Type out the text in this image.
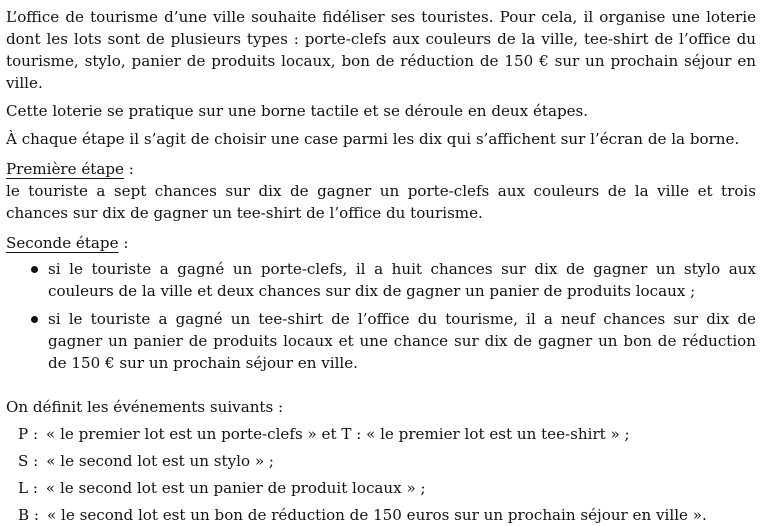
L’office de tourisme d’une ville souhaite fidéliser ses touristes. Pour cela, il organise une loterie dont les lots sont de plusieurs types : porte-clefs aux couleurs de la ville, tee-shirt de l’office du tourisme, stylo, panier de produits locaux, bon de réduction de 150 € sur un prochain séjour en ville.

Cette loterie se pratique sur une borne tactile et se déroule en deux étapes.

À chaque étape il s’agit de choisir une case parmi les dix qui s’affichent sur l’écran de la borne.

Première étape :

le touriste a sept chances sur dix de gagner un porte-clefs aux couleurs de la ville et trois chances sur dix de gagner un tee-shirt de l’office du tourisme.

Seconde étape :

si le touriste a gagné un porte-clefs, il a huit chances sur dix de gagner un stylo aux couleurs de la ville et deux chances sur dix de gagner un panier de produits locaux ;
si le touriste a gagné un tee-shirt de l’office du tourisme, il a neuf chances sur dix de gagner un panier de produits locaux et une chance sur dix de gagner un bon de réduction de 150 € sur un prochain séjour en ville.

On définit les événements suivants :

P : « le premier lot est un porte-clefs » et T : « le premier lot est un tee-shirt » ;
S : « le second lot est un stylo » ;
L : « le second lot est un panier de produit locaux » ;
B : « le second lot est un bon de réduction de 150 euros sur un prochain séjour en ville ».
